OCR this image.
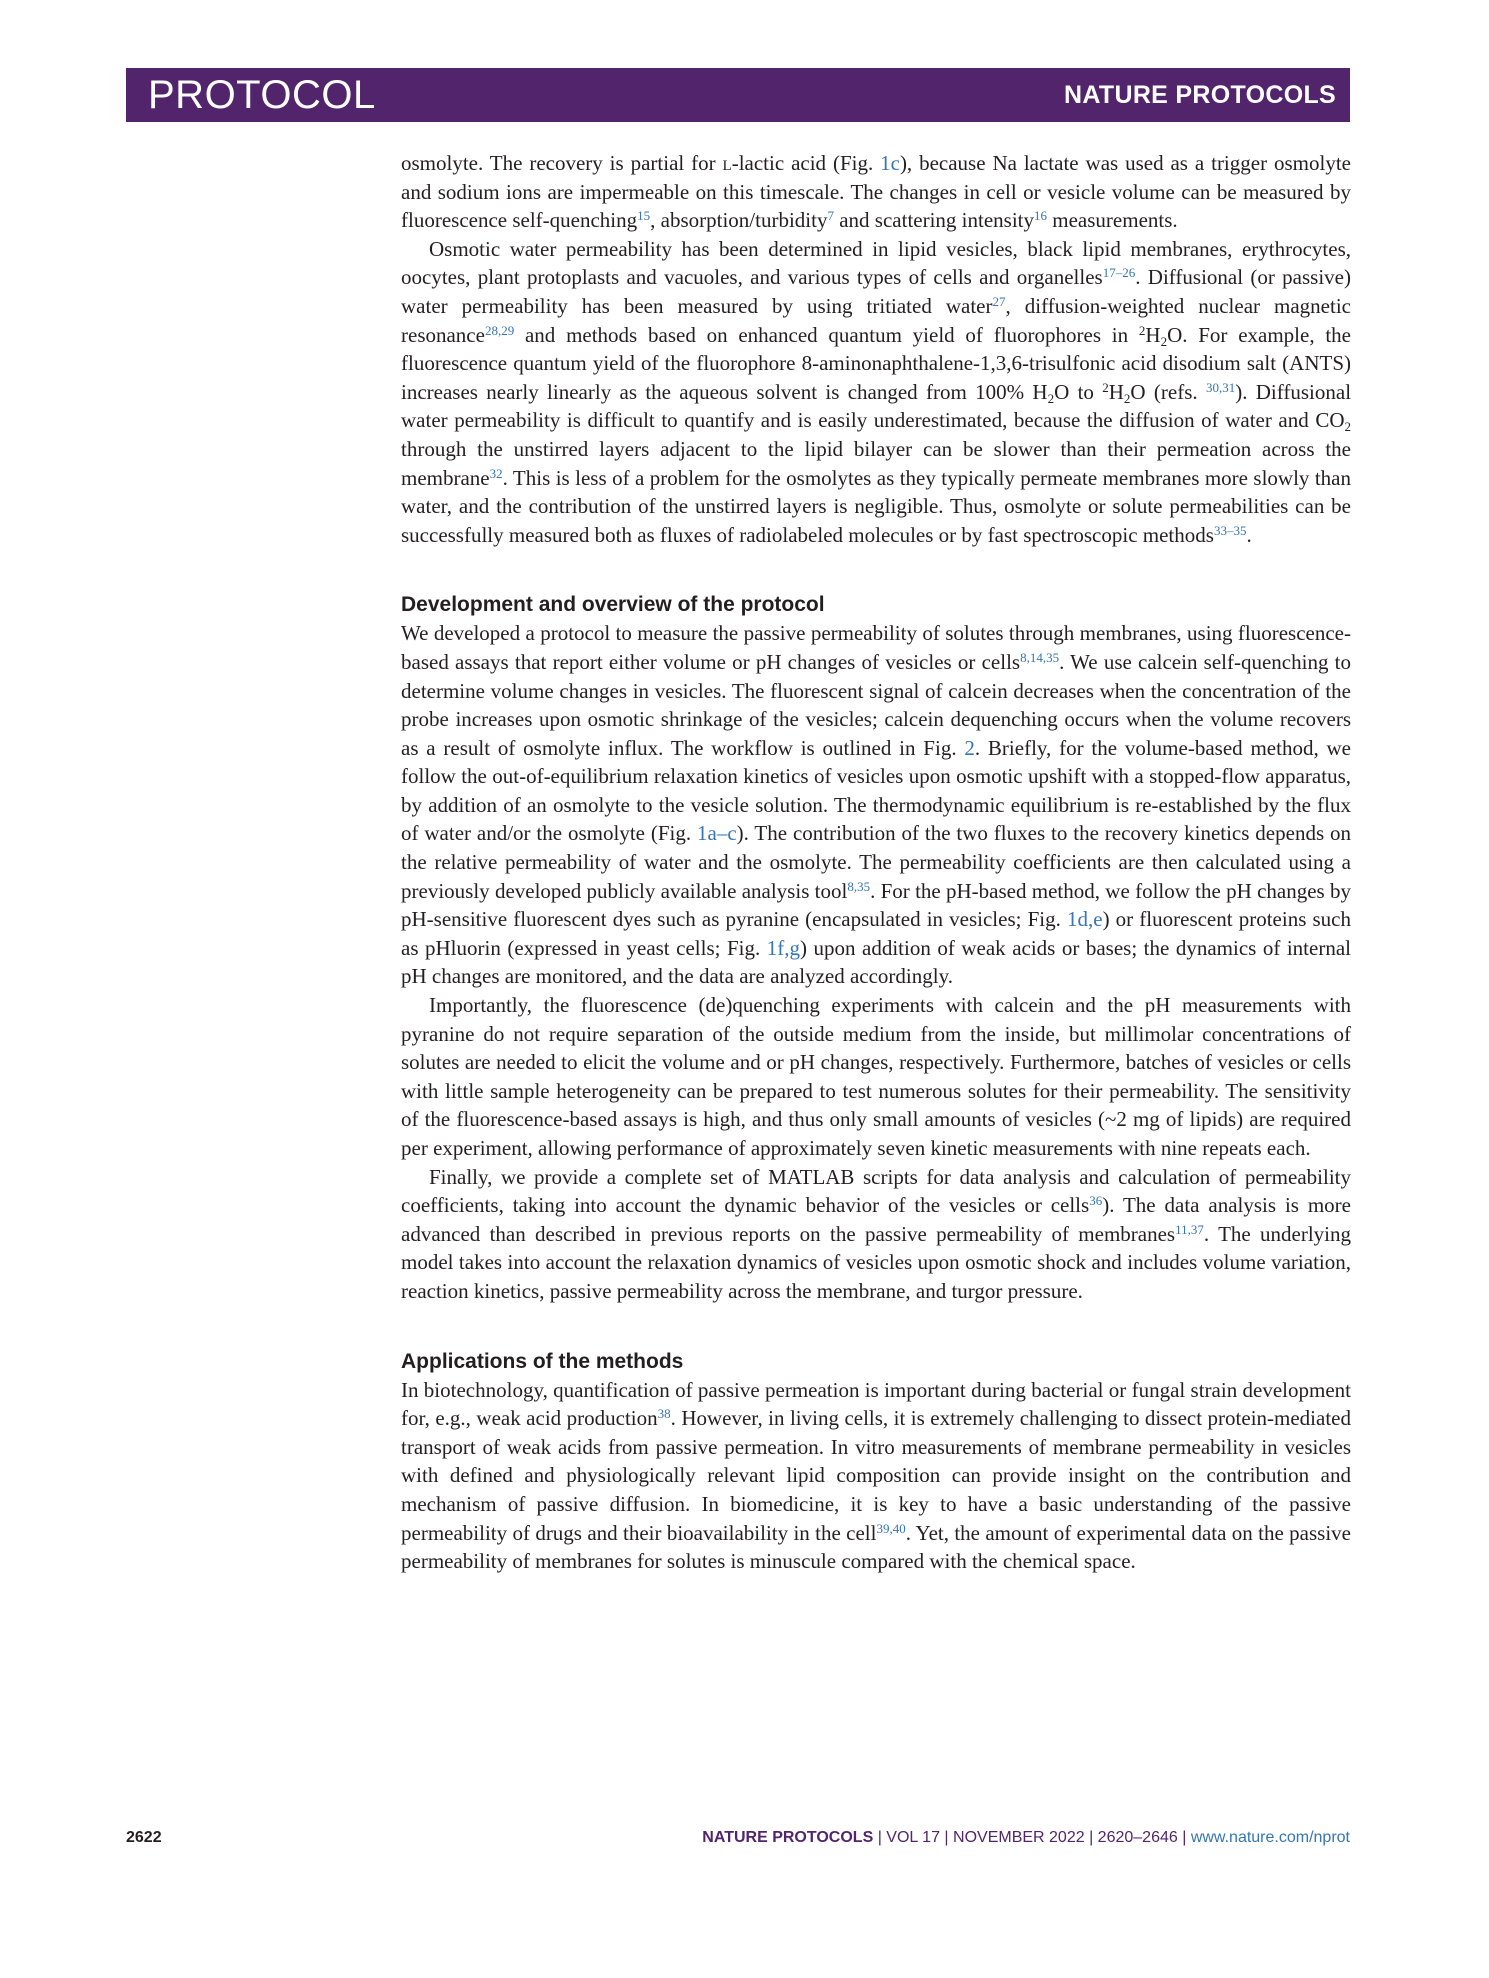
PROTOCOL	NATURE PROTOCOLS

osmolyte. The recovery is partial for l-lactic acid (Fig. 1c), because Na lactate was used as a trigger osmolyte and sodium ions are impermeable on this timescale. The changes in cell or vesicle volume can be measured by fluorescence self-quenching$^{15}$, absorption/turbidity$^7$ and scattering intensity$^{16}$ measurements.

Osmotic water permeability has been determined in lipid vesicles, black lipid membranes, erythrocytes, oocytes, plant protoplasts and vacuoles, and various types of cells and organelles$^{17-26}$. Diffusional (or passive) water permeability has been measured by using tritiated water$^{27}$, diffusion-weighted nuclear magnetic resonance$^{28,29}$ and methods based on enhanced quantum yield of fluorophores in $^2H_2O$. For example, the fluorescence quantum yield of the fluorophore 8-aminonaphthalene-1,3,6-trisulfonic acid disodium salt (ANTS) increases nearly linearly as the aqueous solvent is changed from 100% $H_2O$ to $^2H_2O$ (refs. $^{30,31}$). Diffusional water permeability is difficult to quantify and is easily underestimated, because the diffusion of water and $CO_2$ through the unstirred layers adjacent to the lipid bilayer can be slower than their permeation across the membrane$^{32}$. This is less of a problem for the osmolytes as they typically permeate membranes more slowly than water, and the contribution of the unstirred layers is negligible. Thus, osmolyte or solute permeabilities can be successfully measured both as fluxes of radiolabeled molecules or by fast spectroscopic methods$^{33-35}$.

Development and overview of the protocol

We developed a protocol to measure the passive permeability of solutes through membranes, using fluorescence-based assays that report either volume or pH changes of vesicles or cells$^{8,14,35}$. We use calcein self-quenching to determine volume changes in vesicles. The fluorescent signal of calcein decreases when the concentration of the probe increases upon osmotic shrinkage of the vesicles; calcein dequenching occurs when the volume recovers as a result of osmolyte influx. The workflow is outlined in Fig. 2. Briefly, for the volume-based method, we follow the out-of-equilibrium relaxation kinetics of vesicles upon osmotic upshift with a stopped-flow apparatus, by addition of an osmolyte to the vesicle solution. The thermodynamic equilibrium is re-established by the flux of water and/or the osmolyte (Fig. 1a–c). The contribution of the two fluxes to the recovery kinetics depends on the relative permeability of water and the osmolyte. The permeability coefficients are then calculated using a previously developed publicly available analysis tool$^{8,35}$. For the pH-based method, we follow the pH changes by pH-sensitive fluorescent dyes such as pyranine (encapsulated in vesicles; Fig. 1d,e) or fluorescent proteins such as pHluorin (expressed in yeast cells; Fig. 1f,g) upon addition of weak acids or bases; the dynamics of internal pH changes are monitored, and the data are analyzed accordingly.

Importantly, the fluorescence (de)quenching experiments with calcein and the pH measurements with pyranine do not require separation of the outside medium from the inside, but millimolar concentrations of solutes are needed to elicit the volume and or pH changes, respectively. Furthermore, batches of vesicles or cells with little sample heterogeneity can be prepared to test numerous solutes for their permeability. The sensitivity of the fluorescence-based assays is high, and thus only small amounts of vesicles (~2 mg of lipids) are required per experiment, allowing performance of approximately seven kinetic measurements with nine repeats each.

Finally, we provide a complete set of MATLAB scripts for data analysis and calculation of permeability coefficients, taking into account the dynamic behavior of the vesicles or cells$^{36}$). The data analysis is more advanced than described in previous reports on the passive permeability of membranes$^{11,37}$. The underlying model takes into account the relaxation dynamics of vesicles upon osmotic shock and includes volume variation, reaction kinetics, passive permeability across the membrane, and turgor pressure.

Applications of the methods

In biotechnology, quantification of passive permeation is important during bacterial or fungal strain development for, e.g., weak acid production$^{38}$. However, in living cells, it is extremely challenging to dissect protein-mediated transport of weak acids from passive permeation. In vitro measurements of membrane permeability in vesicles with defined and physiologically relevant lipid composition can provide insight on the contribution and mechanism of passive diffusion. In biomedicine, it is key to have a basic understanding of the passive permeability of drugs and their bioavailability in the cell$^{39,40}$. Yet, the amount of experimental data on the passive permeability of membranes for solutes is minuscule compared with the chemical space.

2622	NATURE PROTOCOLS | VOL 17 | NOVEMBER 2022 | 2620–2646 | www.nature.com/nprot
